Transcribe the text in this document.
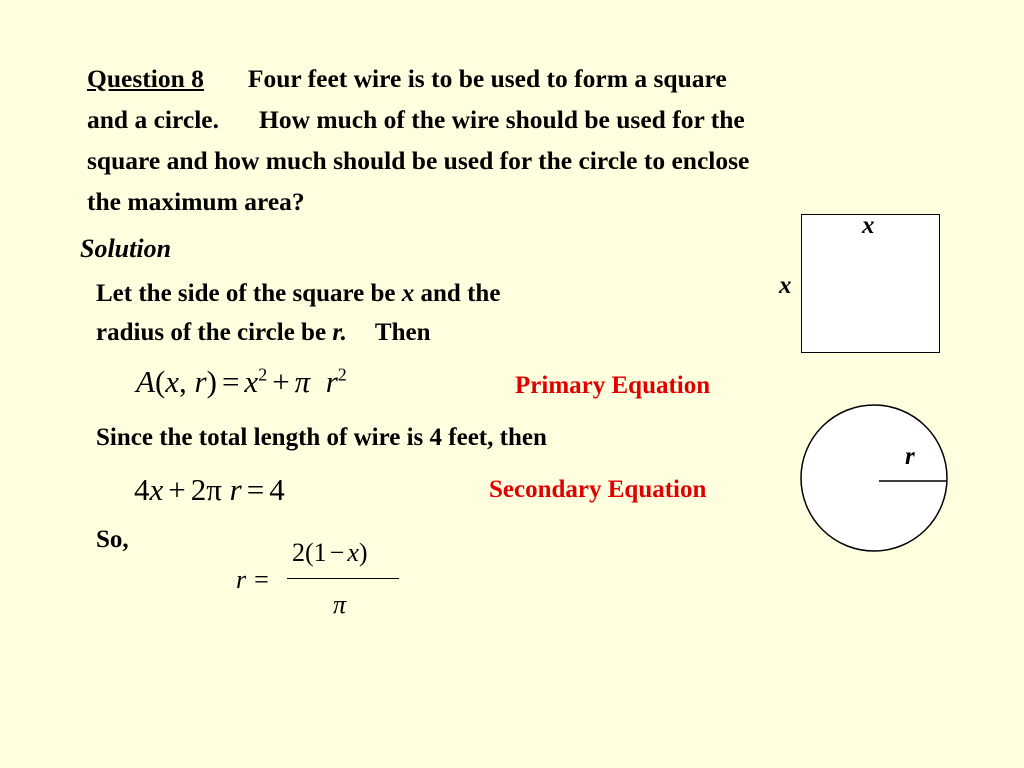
Question 8 Four feet wire is to be used to form a square
and a circle. How much of the wire should be used for the
square and how much should be used for the circle to enclose
the maximum area?
Solution
Let the side of the square be x and the
radius of the circle be r. Then
A(x, $r) = x^2 + \pi$ $r^2$	Primary Equation
Since the total length of wire is 4 feet, then
4x + 2π r = 4	Secondary Equation
So,
r =
2(1 − x)
π
x
x
r
